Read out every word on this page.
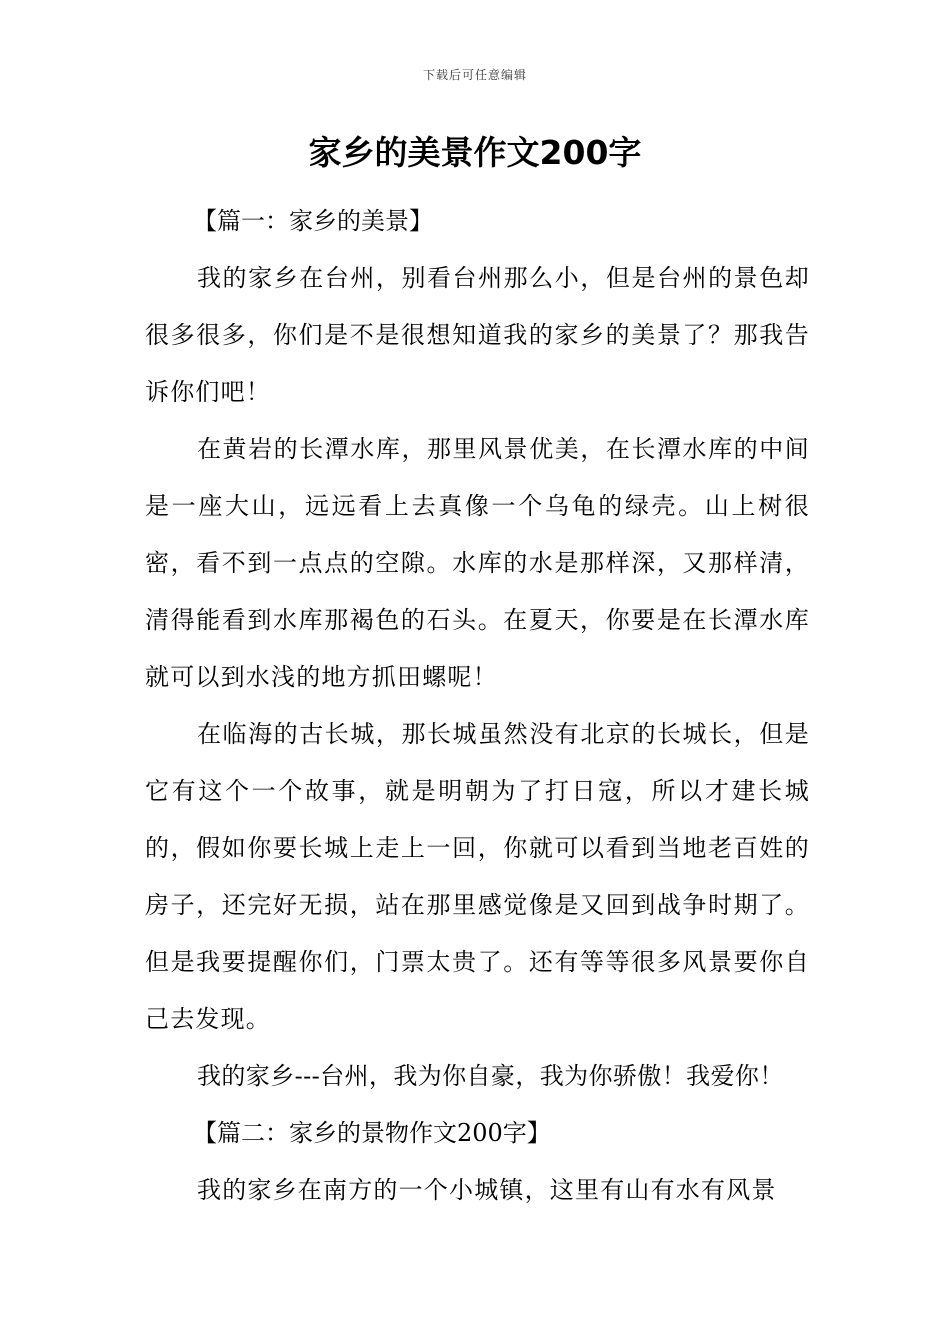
下载后可任意编辑
家乡的美景作文200字

【篇一：家乡的美景】

我的家乡在台州，别看台州那么小，但是台州的景色却很多很多，你们是不是很想知道我的家乡的美景了？那我告诉你们吧！

在黄岩的长潭水库，那里风景优美，在长潭水库的中间是一座大山，远远看上去真像一个乌龟的绿壳。山上树很密，看不到一点点的空隙。水库的水是那样深，又那样清，清得能看到水库那褐色的石头。在夏天，你要是在长潭水库就可以到水浅的地方抓田螺呢！

在临海的古长城，那长城虽然没有北京的长城长，但是它有这个一个故事，就是明朝为了打日寇，所以才建长城的，假如你要长城上走上一回，你就可以看到当地老百姓的房子，还完好无损，站在那里感觉像是又回到战争时期了。但是我要提醒你们，门票太贵了。还有等等很多风景要你自己去发现。

我的家乡---台州，我为你自豪，我为你骄傲！我爱你！

【篇二：家乡的景物作文200字】

我的家乡在南方的一个小城镇，这里有山有水有风景
